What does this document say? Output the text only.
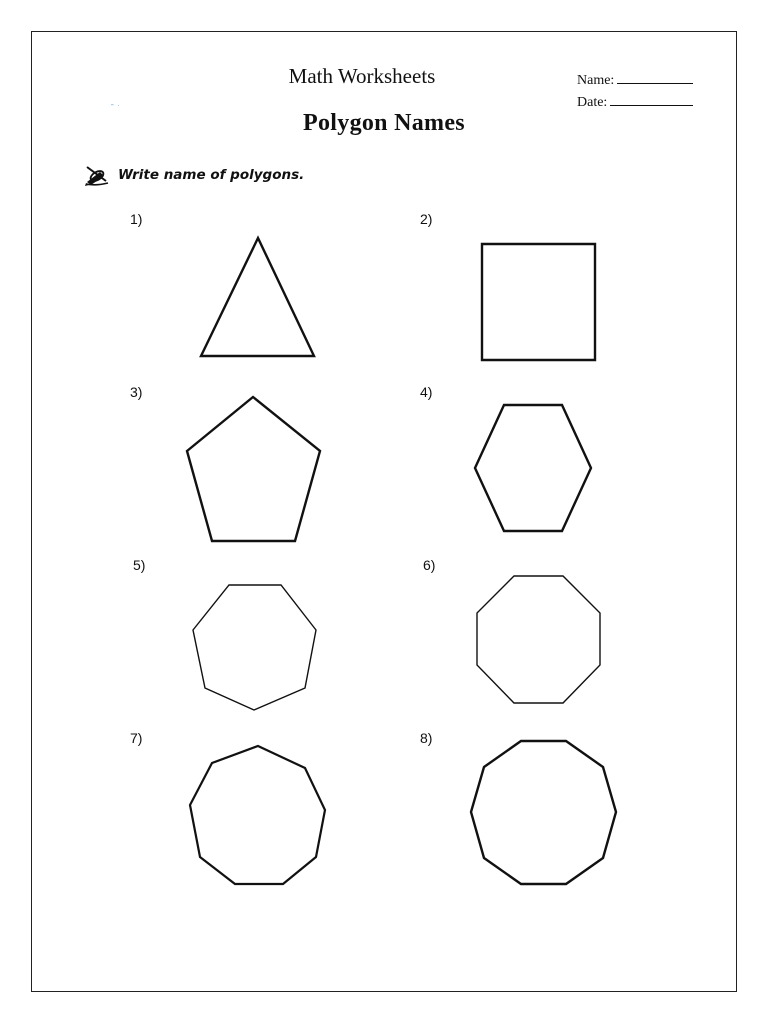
⁃ ·
Math Worksheets	Name:
Date:
Polygon Names
Write name of polygons.
1)	2)
3)	4)
5)	6)
7)	8)
